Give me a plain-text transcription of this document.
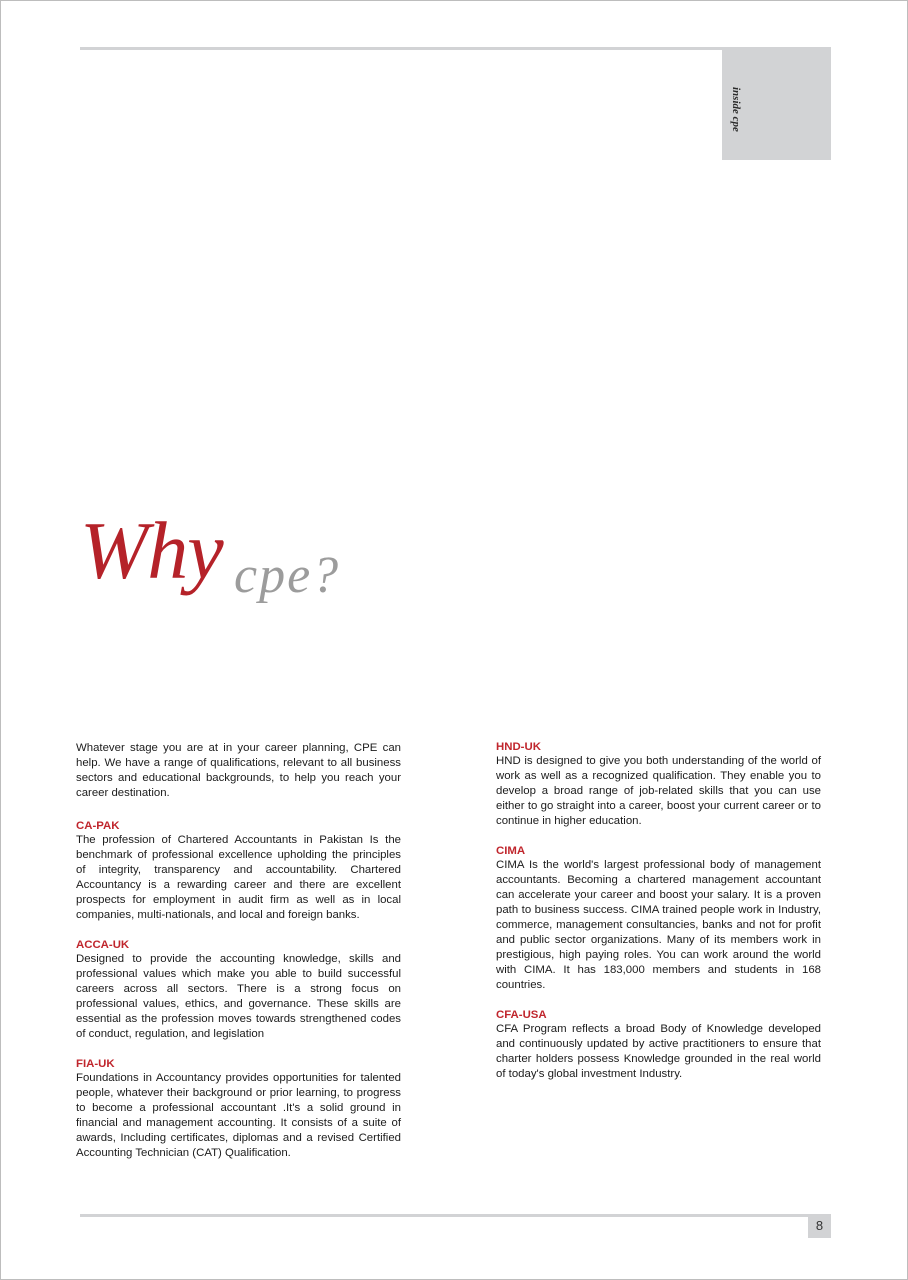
inside cpe
Why cpe?

Whatever stage you are at in your career planning, CPE can help. We have a range of qualifications, relevant to all business sectors and educational backgrounds, to help you reach your career destination.

CA-PAK

The profession of Chartered Accountants in Pakistan Is the benchmark of professional excellence upholding the principles of integrity, transparency and accountability. Chartered Accountancy is a rewarding career and there are excellent prospects for employment in audit firm as well as in local companies, multi-nationals, and local and foreign banks.

ACCA-UK

Designed to provide the accounting knowledge, skills and professional values which make you able to build successful careers across all sectors. There is a strong focus on professional values, ethics, and governance. These skills are essential as the profession moves towards strengthened codes of conduct, regulation, and legislation

FIA-UK

Foundations in Accountancy provides opportunities for talented people, whatever their background or prior learning, to progress to become a professional accountant .It's a solid ground in financial and management accounting. It consists of a suite of awards, Including certificates, diplomas and a revised Certified Accounting Technician (CAT) Qualification.

HND-UK

HND is designed to give you both understanding of the world of work as well as a recognized qualification. They enable you to develop a broad range of job-related skills that you can use either to go straight into a career, boost your current career or to continue in higher education.

CIMA

CIMA Is the world's largest professional body of management accountants. Becoming a chartered management accountant can accelerate your career and boost your salary. It is a proven path to business success. CIMA trained people work in Industry, commerce, management consultancies, banks and not for profit and public sector organizations. Many of its members work in prestigious, high paying roles. You can work around the world with CIMA. It has 183,000 members and students in 168 countries.

CFA-USA

CFA Program reflects a broad Body of Knowledge developed and continuously updated by active practitioners to ensure that charter holders possess Knowledge grounded in the real world of today's global investment Industry.

8
